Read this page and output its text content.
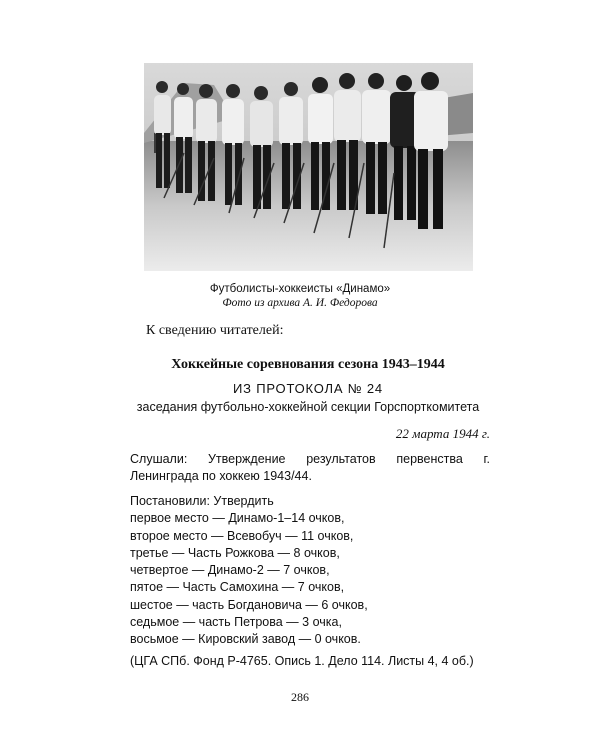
Футболисты-хоккеисты «Динамо»
Фото из архива А. И. Федорова
К сведению читателей:
Хоккейные соревнования сезона 1943–1944
ИЗ ПРОТОКОЛА № 24
заседания футбольно-хоккейной секции Горспорткомитета
22 марта 1944 г.
Слушали: Утверждение результатов первенства г. Ленинграда по хоккею 1943/44.
Постановили: Утвердить
первое место — Динамо-1–14 очков,
второе место — Всевобуч — 11 очков,
третье — Часть Рожкова — 8 очков,
четвертое — Динамо-2 — 7 очков,
пятое — Часть Самохина — 7 очков,
шестое — часть Богдановича — 6 очков,
седьмое — часть Петрова — 3 очка,
восьмое — Кировский завод — 0 очков.
(ЦГА СПб. Фонд Р-4765. Опись 1. Дело 114. Листы 4, 4 об.)
286
